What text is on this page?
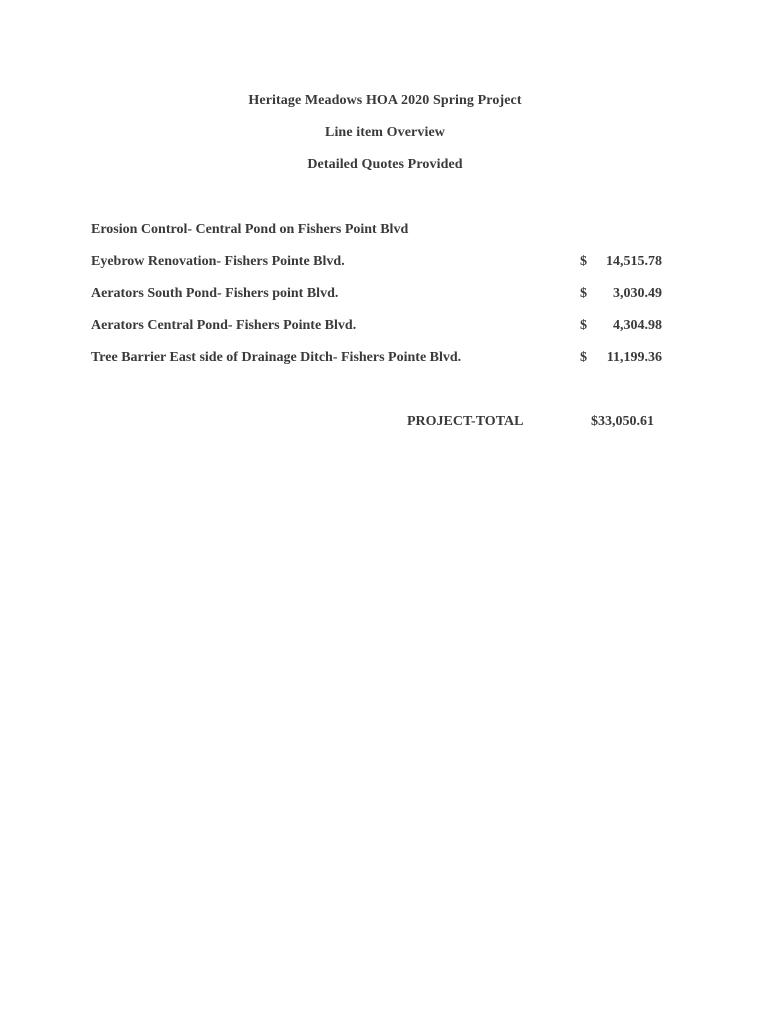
Heritage Meadows HOA 2020 Spring Project
Line item Overview
Detailed Quotes Provided
Erosion Control- Central Pond on Fishers Point Blvd
Eyebrow Renovation- Fishers Pointe Blvd.	$ 14,515.78
Aerators South Pond- Fishers point Blvd.	$ 3,030.49
Aerators Central Pond- Fishers Pointe Blvd.	$ 4,304.98
Tree Barrier East side of Drainage Ditch- Fishers Pointe Blvd.	$ 11,199.36
PROJECT-TOTAL	$33,050.61
